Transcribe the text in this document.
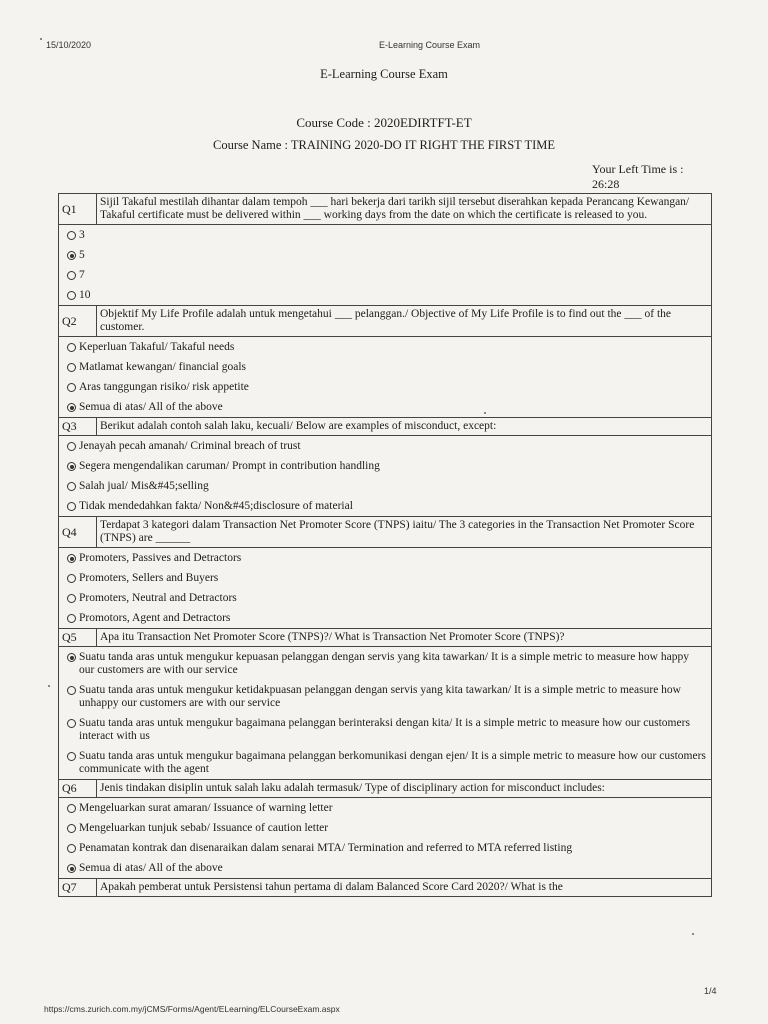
15/10/2020	E-Learning Course Exam
E-Learning Course Exam
Course Code : 2020EDIRTFT-ET
Course Name : TRAINING 2020-DO IT RIGHT THE FIRST TIME
Your Left Time is :
26:28
Q1	Sijil Takaful mestilah dihantar dalam tempoh ___ hari bekerja dari tarikh sijil tersebut diserahkan kepada Perancang Kewangan/ Takaful certificate must be delivered within ___ working days from the date on which the certificate is released to you.

3
5
7
10	

Q2	Objektif My Life Profile adalah untuk mengetahui ___ pelanggan./ Objective of My Life Profile is to find out the ___ of the customer.

Keperluan Takaful/ Takaful needs
Matlamat kewangan/ financial goals
Aras tanggungan risiko/ risk appetite
Semua di atas/ All of the above	

Q3	Berikut adalah contoh salah laku, kecuali/ Below are examples of misconduct, except:

Jenayah pecah amanah/ Criminal breach of trust
Segera mengendalikan caruman/ Prompt in contribution handling
Salah jual/ Mis&#45;selling
Tidak mendedahkan fakta/ Non&#45;disclosure of material	

Q4	Terdapat 3 kategori dalam Transaction Net Promoter Score (TNPS) iaitu/ The 3 categories in the Transaction Net Promoter Score (TNPS) are ______

Promoters, Passives and Detractors
Promoters, Sellers and Buyers
Promoters, Neutral and Detractors
Promotors, Agent and Detractors	

Q5	Apa itu Transaction Net Promoter Score (TNPS)?/ What is Transaction Net Promoter Score (TNPS)?

Suatu tanda aras untuk mengukur kepuasan pelanggan dengan servis yang kita tawarkan/ It is a simple metric to measure how happy our customers are with our service
Suatu tanda aras untuk mengukur ketidakpuasan pelanggan dengan servis yang kita tawarkan/ It is a simple metric to measure how unhappy our customers are with our service
Suatu tanda aras untuk mengukur bagaimana pelanggan berinteraksi dengan kita/ It is a simple metric to measure how our customers interact with us
Suatu tanda aras untuk mengukur bagaimana pelanggan berkomunikasi dengan ejen/ It is a simple metric to measure how our customers communicate with the agent	

Q6	Jenis tindakan disiplin untuk salah laku adalah termasuk/ Type of disciplinary action for misconduct includes:

Mengeluarkan surat amaran/ Issuance of warning letter
Mengeluarkan tunjuk sebab/ Issuance of caution letter
Penamatan kontrak dan disenaraikan dalam senarai MTA/ Termination and referred to MTA referred listing
Semua di atas/ All of the above	

Q7	Apakah pemberat untuk Persistensi tahun pertama di dalam Balanced Score Card 2020?/ What is the
https://cms.zurich.com.my/jCMS/Forms/Agent/ELearning/ELCourseExam.aspx
1/4
